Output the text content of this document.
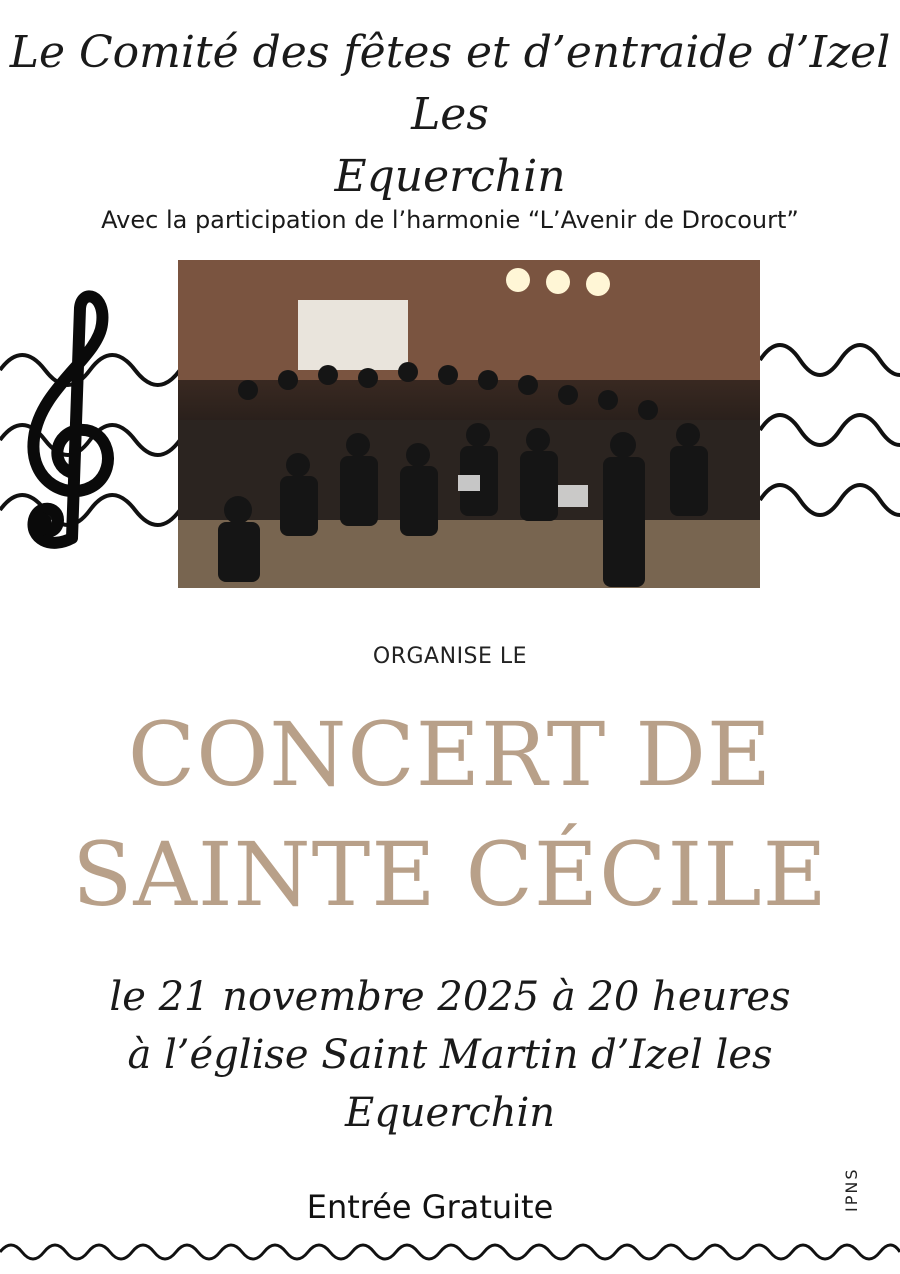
Le Comité des fêtes et d’entraide d’Izel Les
Equerchin
Avec la participation de l’harmonie “L’Avenir de Drocourt”
ORGANISE LE
CONCERT DE
SAINTE CÉCILE
le 21 novembre 2025 à 20 heures
à l’église Saint Martin d’Izel les
Equerchin
Entrée Gratuite	IPNS
